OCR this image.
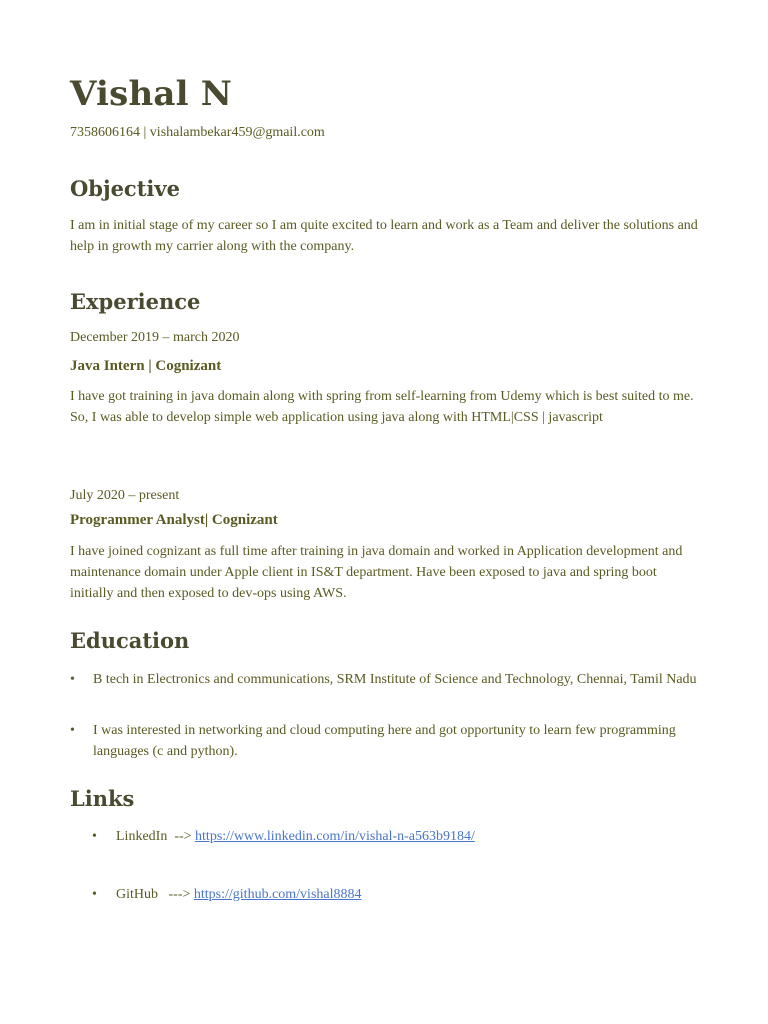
Vishal N
7358606164 | vishalambekar459@gmail.com
Objective
I am in initial stage of my career so I am quite excited to learn and work as a Team and deliver the solutions and help in growth my carrier along with the company.
Experience
December 2019 – march 2020
Java Intern | Cognizant
I have got training in java domain along with spring from self-learning from Udemy which is best suited to me. So, I was able to develop simple web application using java along with HTML|CSS | javascript
July 2020 – present
Programmer Analyst| Cognizant
I have joined cognizant as full time after training in java domain and worked in Application development and maintenance domain under Apple client in IS&T department. Have been exposed to java and spring boot initially and then exposed to dev-ops using AWS.
Education
• B tech in Electronics and communications, SRM Institute of Science and Technology, Chennai, Tamil Nadu
• I was interested in networking and cloud computing here and got opportunity to learn few programming languages (c and python).
Links
• LinkedIn  --> https://www.linkedin.com/in/vishal-n-a563b9184/
• GitHub   ---> https://github.com/vishal8884
